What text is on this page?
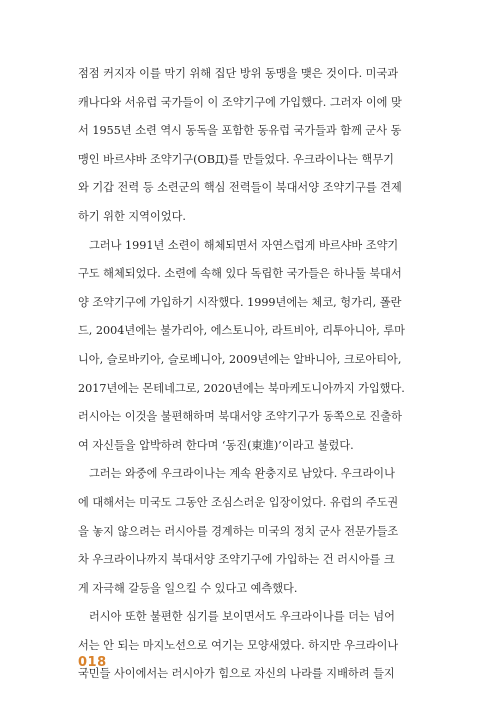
점점 커지자 이를 막기 위해 집단 방위 동맹을 맺은 것이다. 미국과
캐나다와 서유럽 국가들이 이 조약기구에 가입했다. 그러자 이에 맞
서 1955년 소련 역시 동독을 포함한 동유럽 국가들과 함께 군사 동
맹인 바르샤바 조약기구(OBД)를 만들었다. 우크라이나는 핵무기
와 기갑 전력 등 소련군의 핵심 전력들이 북대서양 조약기구를 견제
하기 위한 지역이었다.
그러나 1991년 소련이 해체되면서 자연스럽게 바르샤바 조약기
구도 해체되었다. 소련에 속해 있다 독립한 국가들은 하나둘 북대서
양 조약기구에 가입하기 시작했다. 1999년에는 체코, 헝가리, 폴란
드, 2004년에는 불가리아, 에스토니아, 라트비아, 리투아니아, 루마
니아, 슬로바키아, 슬로베니아, 2009년에는 알바니아, 크로아티아,
2017년에는 몬테네그로, 2020년에는 북마케도니아까지 가입했다.
러시아는 이것을 불편해하며 북대서양 조약기구가 동쪽으로 진출하
여 자신들을 압박하려 한다며 ‘동진(東進)’이라고 불렀다.
그러는 와중에 우크라이나는 계속 완충지로 남았다. 우크라이나
에 대해서는 미국도 그동안 조심스러운 입장이었다. 유럽의 주도권
을 놓지 않으려는 러시아를 경계하는 미국의 정치 군사 전문가들조
차 우크라이나까지 북대서양 조약기구에 가입하는 건 러시아를 크
게 자극해 갈등을 일으킬 수 있다고 예측했다.
러시아 또한 불편한 심기를 보이면서도 우크라이나를 더는 넘어
서는 안 되는 마지노선으로 여기는 모양새였다. 하지만 우크라이나
국민들 사이에서는 러시아가 힘으로 자신의 나라를 지배하려 들지
018
